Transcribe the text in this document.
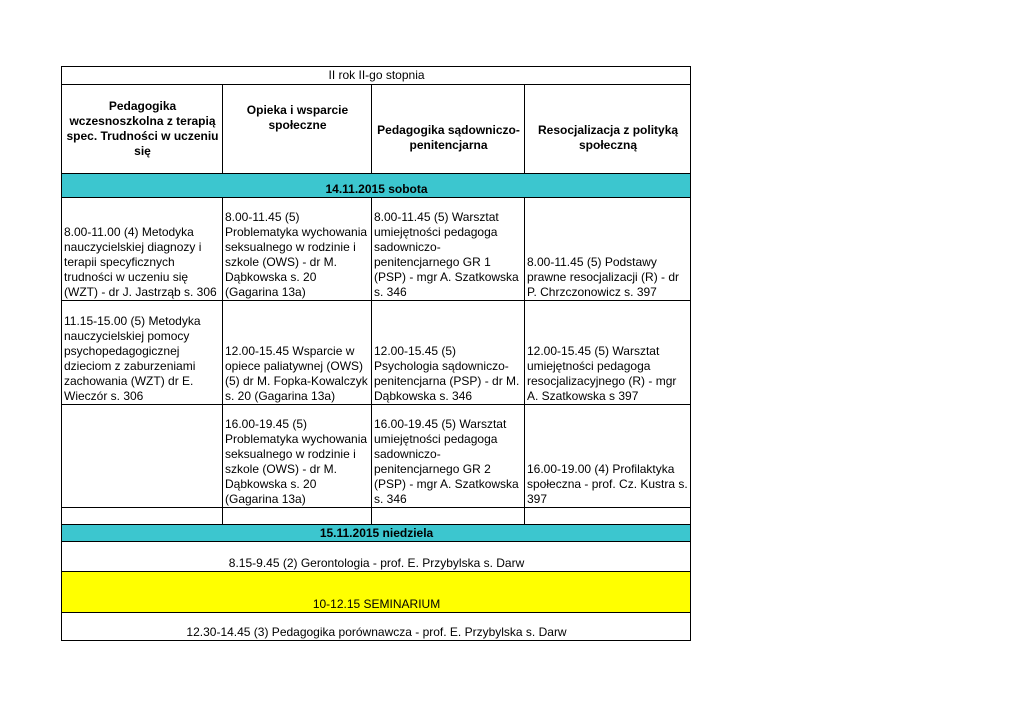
II rok II-go stopnia			
Pedagogika wczesnoszkolna z terapią spec. Trudności w uczeniu się	Opieka i wsparcie społeczne	Pedagogika sądowniczo-penitencjarna	Resocjalizacja z polityką społeczną
14.11.2015 sobota			
8.00-11.00 (4) Metodyka nauczycielskiej diagnozy i terapii specyficznych trudności w uczeniu się (WZT) - dr J. Jastrząb s. 306	8.00-11.45 (5) Problematyka wychowania seksualnego w rodzinie i szkole (OWS) - dr M. Dąbkowska s. 20 (Gagarina 13a)	8.00-11.45 (5) Warsztat umiejętności pedagoga sadowniczo-penitencjarnego GR 1 (PSP) - mgr A. Szatkowska s. 346	8.00-11.45 (5) Podstawy prawne resocjalizacji (R) - dr P. Chrzczonowicz s. 397
11.15-15.00 (5) Metodyka nauczycielskiej pomocy psychopedagogicznej dzieciom z zaburzeniami zachowania (WZT) dr E. Wieczór s. 306	12.00-15.45 Wsparcie w opiece paliatywnej (OWS) (5) dr M. Fopka-Kowalczyk s. 20 (Gagarina 13a)	12.00-15.45 (5) Psychologia sądowniczo-penitencjarna (PSP) - dr M. Dąbkowska s. 346	12.00-15.45 (5) Warsztat umiejętności pedagoga resocjalizacyjnego (R) - mgr A. Szatkowska s 397
	16.00-19.45 (5) Problematyka wychowania seksualnego w rodzinie i szkole (OWS) - dr M. Dąbkowska s. 20 (Gagarina 13a)	16.00-19.45 (5) Warsztat umiejętności pedagoga sadowniczo-penitencjarnego GR 2 (PSP) - mgr A. Szatkowska s. 346	16.00-19.00 (4) Profilaktyka społeczna - prof. Cz. Kustra s. 397

15.11.2015 niedziela			
8.15-9.45 (2) Gerontologia - prof. E. Przybylska s. Darw			
10-12.15 SEMINARIUM			
12.30-14.45 (3) Pedagogika porównawcza - prof. E. Przybylska s. Darw			
